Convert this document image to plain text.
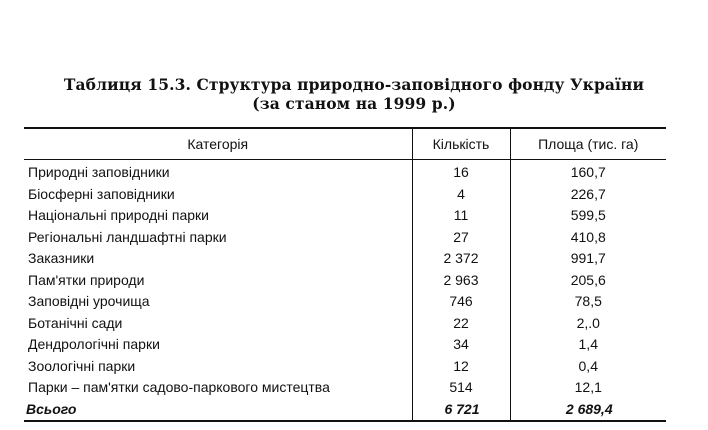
Таблиця 15.3. Структура природно-заповідного фонду України
(за станом на 1999 р.)
Категорія	Кількість	Площа (тис. га)
Природні заповідники	16	160,7
Біосферні заповідники	4	226,7
Національні природні парки	11	599,5
Регіональні ландшафтні парки	27	410,8
Заказники	2 372	991,7
Пам'ятки природи	2 963	205,6
Заповідні урочища	746	78,5
Ботанічні сади	22	2,.0
Дендрологічні парки	34	1,4
Зоологічні парки	12	0,4
Парки – пам'ятки садово-паркового мистецтва	514	12,1
Всього	6 721	2 689,4
